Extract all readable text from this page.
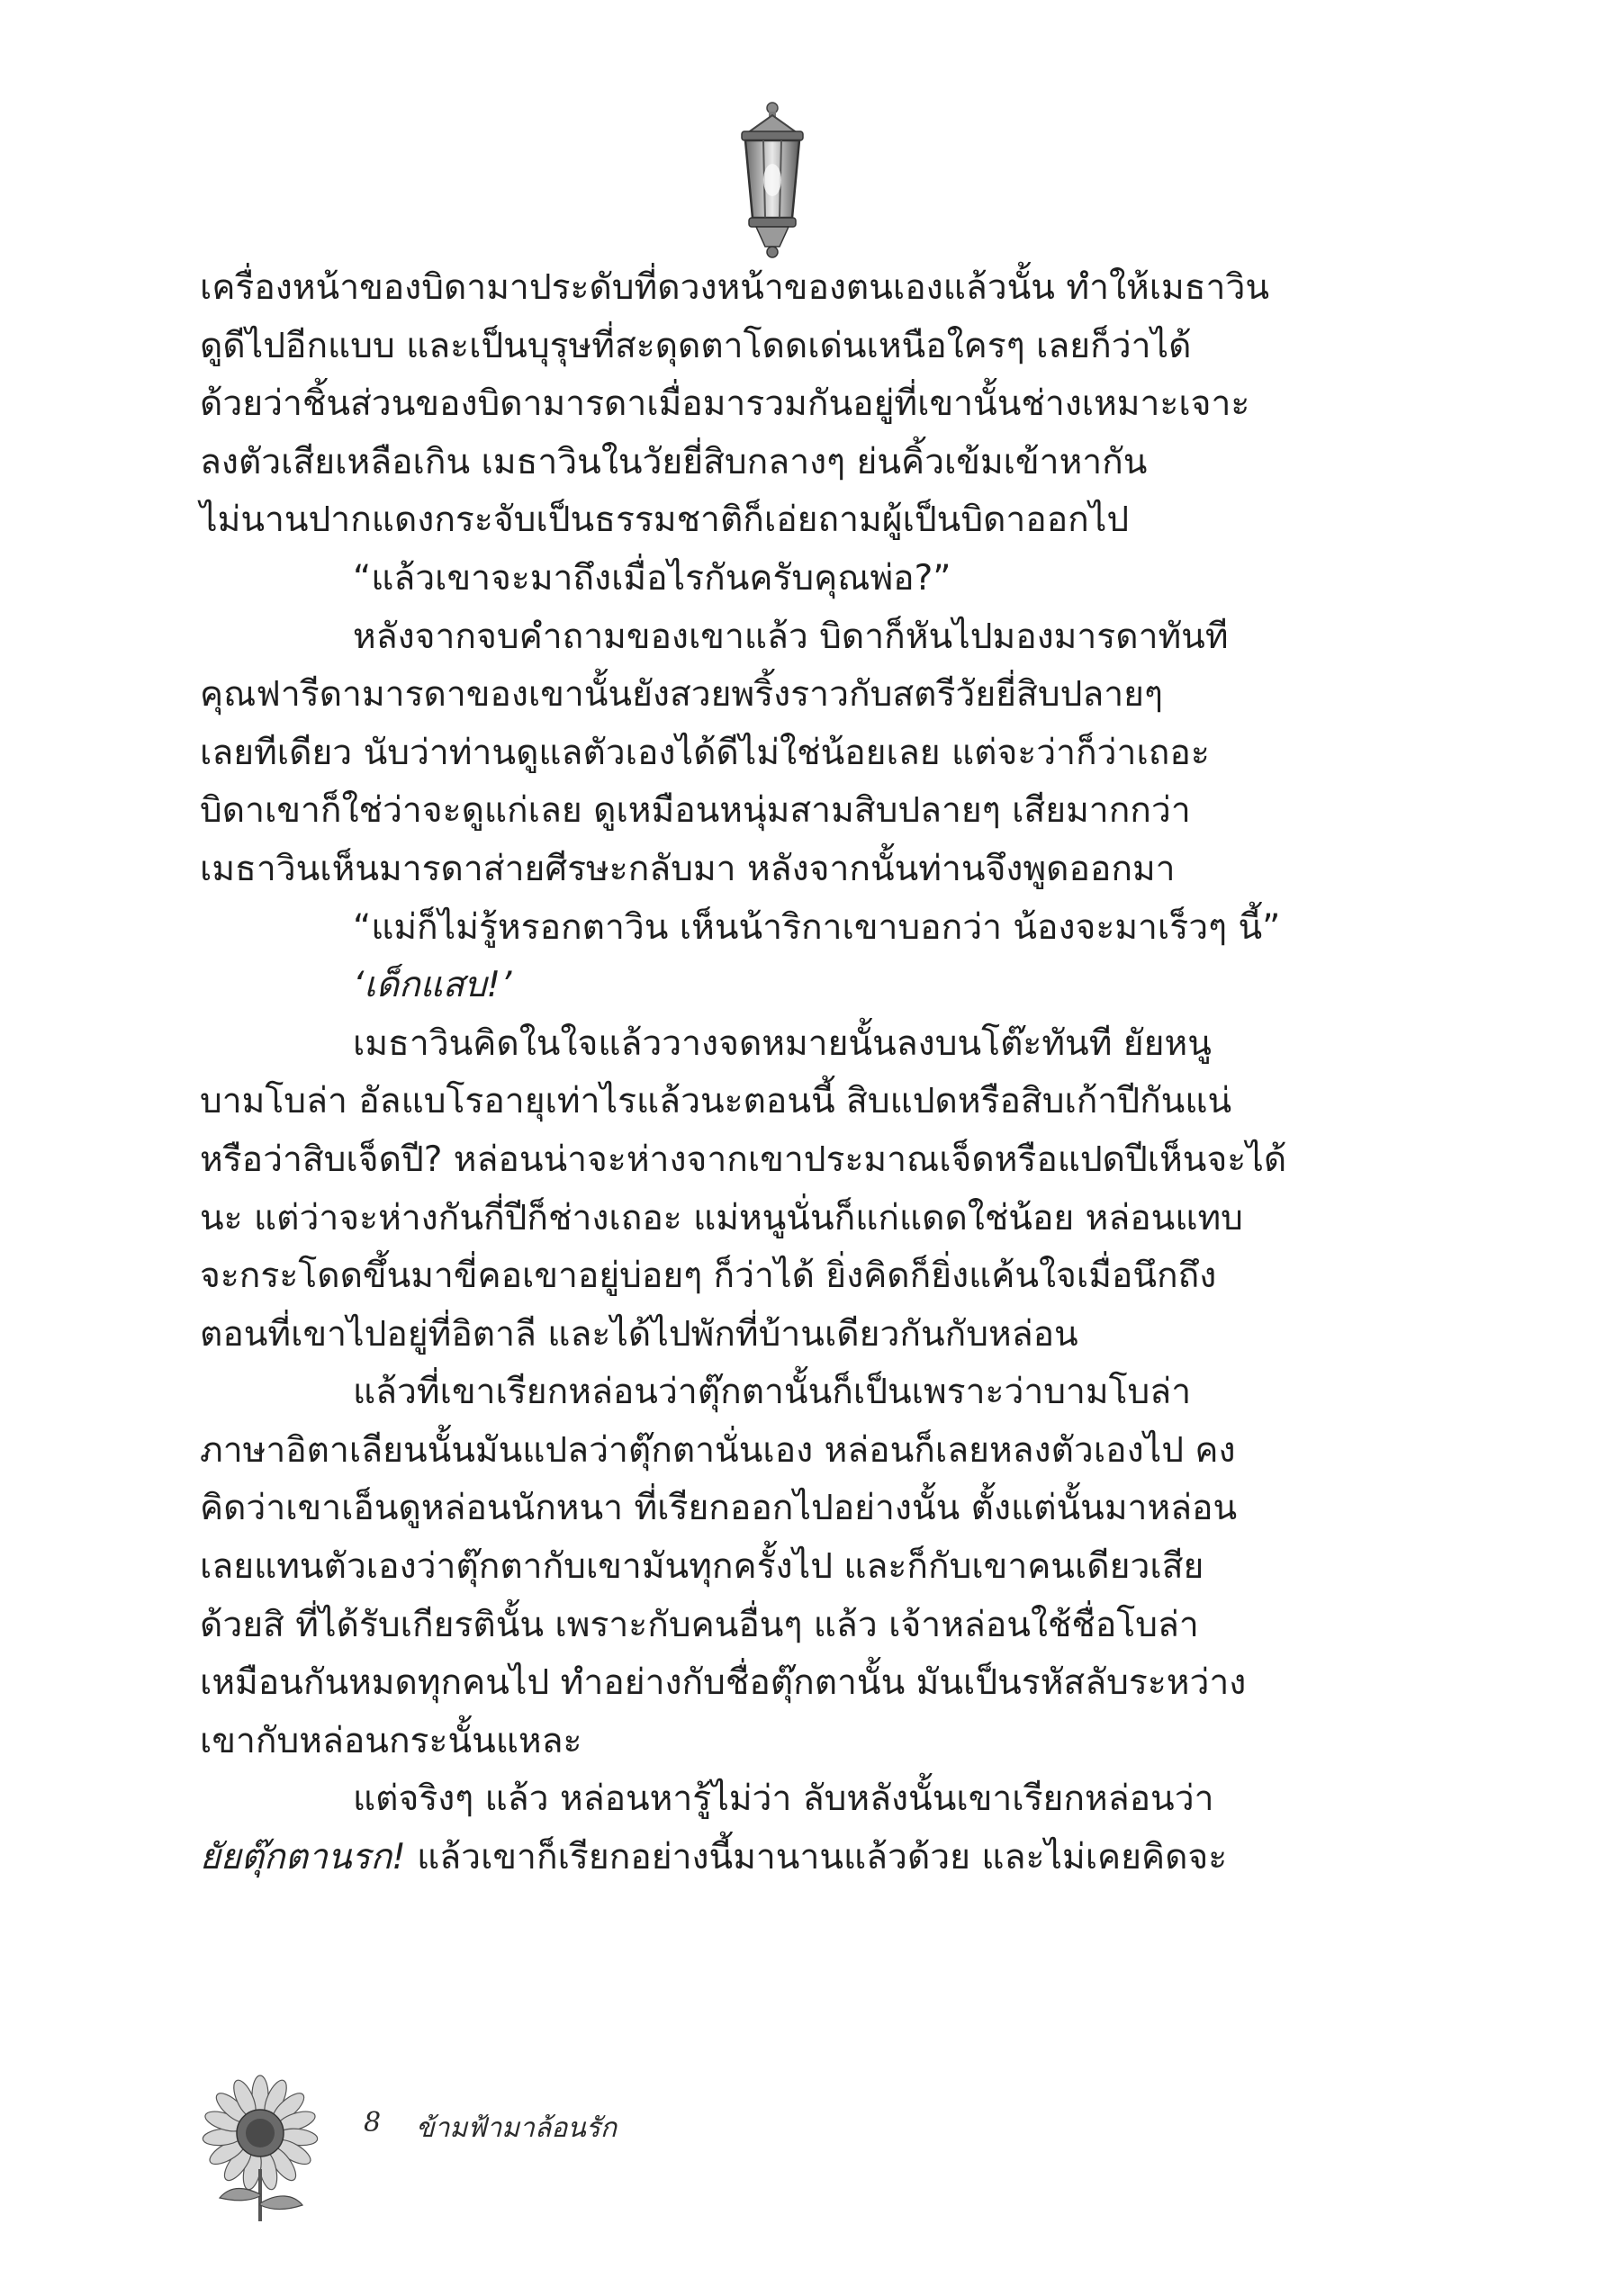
เครื่องหน้าของบิดามาประดับที่ดวงหน้าของตนเองแล้วนั้น ทำให้เมธาวิน
ดูดีไปอีกแบบ และเป็นบุรุษที่สะดุดตาโดดเด่นเหนือใครๆ เลยก็ว่าได้
ด้วยว่าชิ้นส่วนของบิดามารดาเมื่อมารวมกันอยู่ที่เขานั้นช่างเหมาะเจาะ
ลงตัวเสียเหลือเกิน เมธาวินในวัยยี่สิบกลางๆ ย่นคิ้วเข้มเข้าหากัน
ไม่นานปากแดงกระจับเป็นธรรมชาติก็เอ่ยถามผู้เป็นบิดาออกไป
“แล้วเขาจะมาถึงเมื่อไรกันครับคุณพ่อ?”
หลังจากจบคำถามของเขาแล้ว บิดาก็หันไปมองมารดาทันที
คุณฟารีดามารดาของเขานั้นยังสวยพริ้งราวกับสตรีวัยยี่สิบปลายๆ
เลยทีเดียว นับว่าท่านดูแลตัวเองได้ดีไม่ใช่น้อยเลย แต่จะว่าก็ว่าเถอะ
บิดาเขาก็ใช่ว่าจะดูแก่เลย ดูเหมือนหนุ่มสามสิบปลายๆ เสียมากกว่า
เมธาวินเห็นมารดาส่ายศีรษะกลับมา หลังจากนั้นท่านจึงพูดออกมา
“แม่ก็ไม่รู้หรอกตาวิน เห็นน้าริกาเขาบอกว่า น้องจะมาเร็วๆ นี้”
‘เด็กแสบ!’
เมธาวินคิดในใจแล้ววางจดหมายนั้นลงบนโต๊ะทันที ยัยหนู
บามโบล่า อัลแบโรอายุเท่าไรแล้วนะตอนนี้ สิบแปดหรือสิบเก้าปีกันแน่
หรือว่าสิบเจ็ดปี? หล่อนน่าจะห่างจากเขาประมาณเจ็ดหรือแปดปีเห็นจะได้
นะ แต่ว่าจะห่างกันกี่ปีก็ช่างเถอะ แม่หนูนั่นก็แก่แดดใช่น้อย หล่อนแทบ
จะกระโดดขึ้นมาขี่คอเขาอยู่บ่อยๆ ก็ว่าได้ ยิ่งคิดก็ยิ่งแค้นใจเมื่อนึกถึง
ตอนที่เขาไปอยู่ที่อิตาลี และได้ไปพักที่บ้านเดียวกันกับหล่อน
แล้วที่เขาเรียกหล่อนว่าตุ๊กตานั้นก็เป็นเพราะว่าบามโบล่า
ภาษาอิตาเลียนนั้นมันแปลว่าตุ๊กตานั่นเอง หล่อนก็เลยหลงตัวเองไป คง
คิดว่าเขาเอ็นดูหล่อนนักหนา ที่เรียกออกไปอย่างนั้น ตั้งแต่นั้นมาหล่อน
เลยแทนตัวเองว่าตุ๊กตากับเขามันทุกครั้งไป และก็กับเขาคนเดียวเสีย
ด้วยสิ ที่ได้รับเกียรตินั้น เพราะกับคนอื่นๆ แล้ว เจ้าหล่อนใช้ชื่อโบล่า
เหมือนกันหมดทุกคนไป ทำอย่างกับชื่อตุ๊กตานั้น มันเป็นรหัสลับระหว่าง
เขากับหล่อนกระนั้นแหละ
แต่จริงๆ แล้ว หล่อนหารู้ไม่ว่า ลับหลังนั้นเขาเรียกหล่อนว่า
ยัยตุ๊กตานรก! แล้วเขาก็เรียกอย่างนี้มานานแล้วด้วย และไม่เคยคิดจะ
8 ข้ามฟ้ามาล้อนรัก
